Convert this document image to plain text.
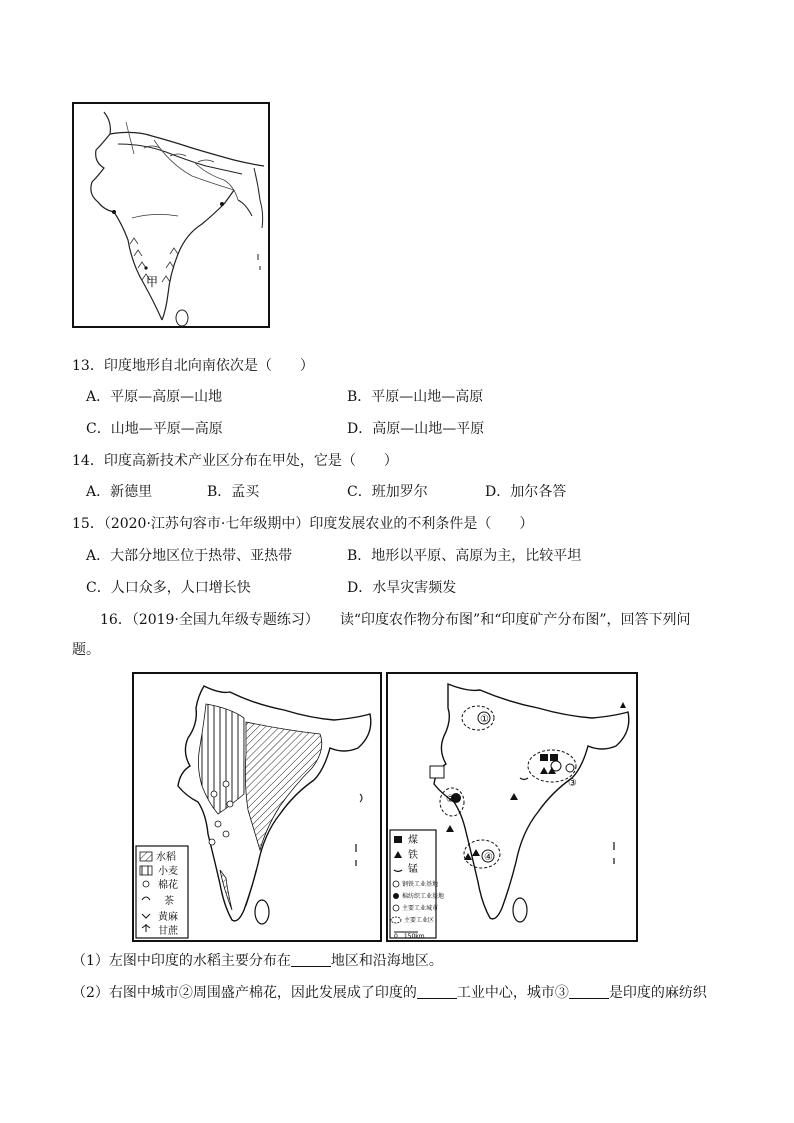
甲
13．印度地形自北向南依次是（　　）
A．平原—高原—山地	B．平原—山地—高原
C．山地—平原—高原	D．高原—山地—平原
14．印度高新技术产业区分布在甲处，它是（　　）
A．新德里	B．孟买	C．班加罗尔	D．加尔各答
15．（2020·江苏句容市·七年级期中）印度发展农业的不利条件是（　　）
A．大部分地区位于热带、亚热带	B．地形以平原、高原为主，比较平坦
C．人口众多，人口增长快	D．水旱灾害频发
16．（2019·全国九年级专题练习）　　读“印度农作物分布图”和“印度矿产分布图”，回答下列问
题。
水稻
小麦
棉花
茶
黄麻
甘蔗
①
③
②
④
煤
铁
锰
钢铁工业基地
棉纺织工业基地
主要工业城市
主要工业区
0　150km
（1）左图中印度的水稻主要分布在	地区和沿海地区。
（2）右图中城市②周围盛产棉花，因此发展成了印度的	工业中心，城市③	是印度的麻纺织
